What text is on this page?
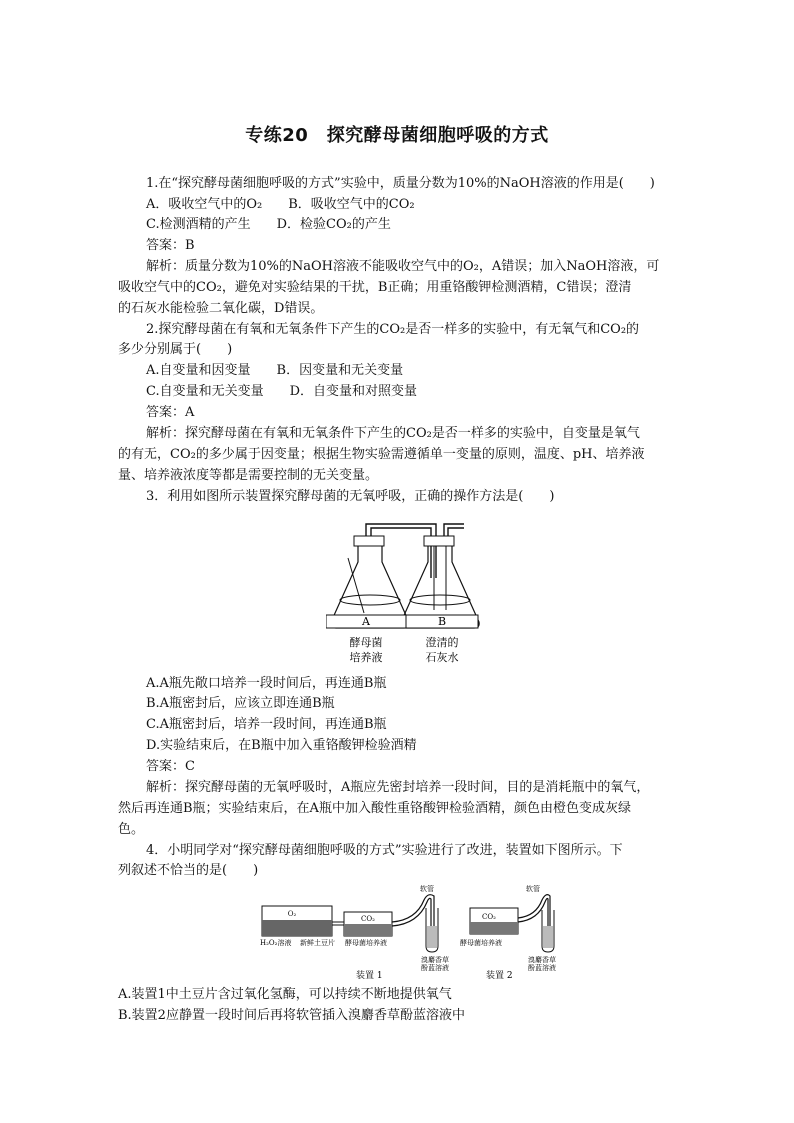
专练20　探究酵母菌细胞呼吸的方式
1.在“探究酵母菌细胞呼吸的方式”实验中，质量分数为10%的NaOH溶液的作用是(　　)
A．吸收空气中的O₂　　B．吸收空气中的CO₂
C.检测酒精的产生　　D．检验CO₂的产生
答案：B
解析：质量分数为10%的NaOH溶液不能吸收空气中的O₂，A错误；加入NaOH溶液，可
吸收空气中的CO₂，避免对实验结果的干扰，B正确；用重铬酸钾检测酒精，C错误；澄清
的石灰水能检验二氧化碳，D错误。
2.探究酵母菌在有氧和无氧条件下产生的CO₂是否一样多的实验中，有无氧气和CO₂的
多少分别属于(　　)
A.自变量和因变量　　B．因变量和无关变量
C.自变量和无关变量　　D．自变量和对照变量
答案：A
解析：探究酵母菌在有氧和无氧条件下产生的CO₂是否一样多的实验中，自变量是氧气
的有无，CO₂的多少属于因变量；根据生物实验需遵循单一变量的原则，温度、pH、培养液
量、培养液浓度等都是需要控制的无关变量。
3．利用如图所示装置探究酵母菌的无氧呼吸，正确的操作方法是(　　)
A	B
酵母菌
培养液
澄清的
石灰水
A.A瓶先敞口培养一段时间后，再连通B瓶
B.A瓶密封后，应该立即连通B瓶
C.A瓶密封后，培养一段时间，再连通B瓶
D.实验结束后，在B瓶中加入重铬酸钾检验酒精
答案：C
解析：探究酵母菌的无氧呼吸时，A瓶应先密封培养一段时间，目的是消耗瓶中的氧气，
然后再连通B瓶；实验结束后，在A瓶中加入酸性重铬酸钾检验酒精，颜色由橙色变成灰绿
色。
4．小明同学对“探究酵母菌细胞呼吸的方式”实验进行了改进，装置如下图所示。下
列叙述不恰当的是(　　)
O₂
H₂O₂溶液 新鲜土豆片
CO₂
酵母菌培养液
软管
溴麝香草
酚蓝溶液
装置 1
CO₂
酵母菌培养液
软管
溴麝香草
酚蓝溶液
装置 2
A.装置1中土豆片含过氧化氢酶，可以持续不断地提供氧气
B.装置2应静置一段时间后再将软管插入溴麝香草酚蓝溶液中
